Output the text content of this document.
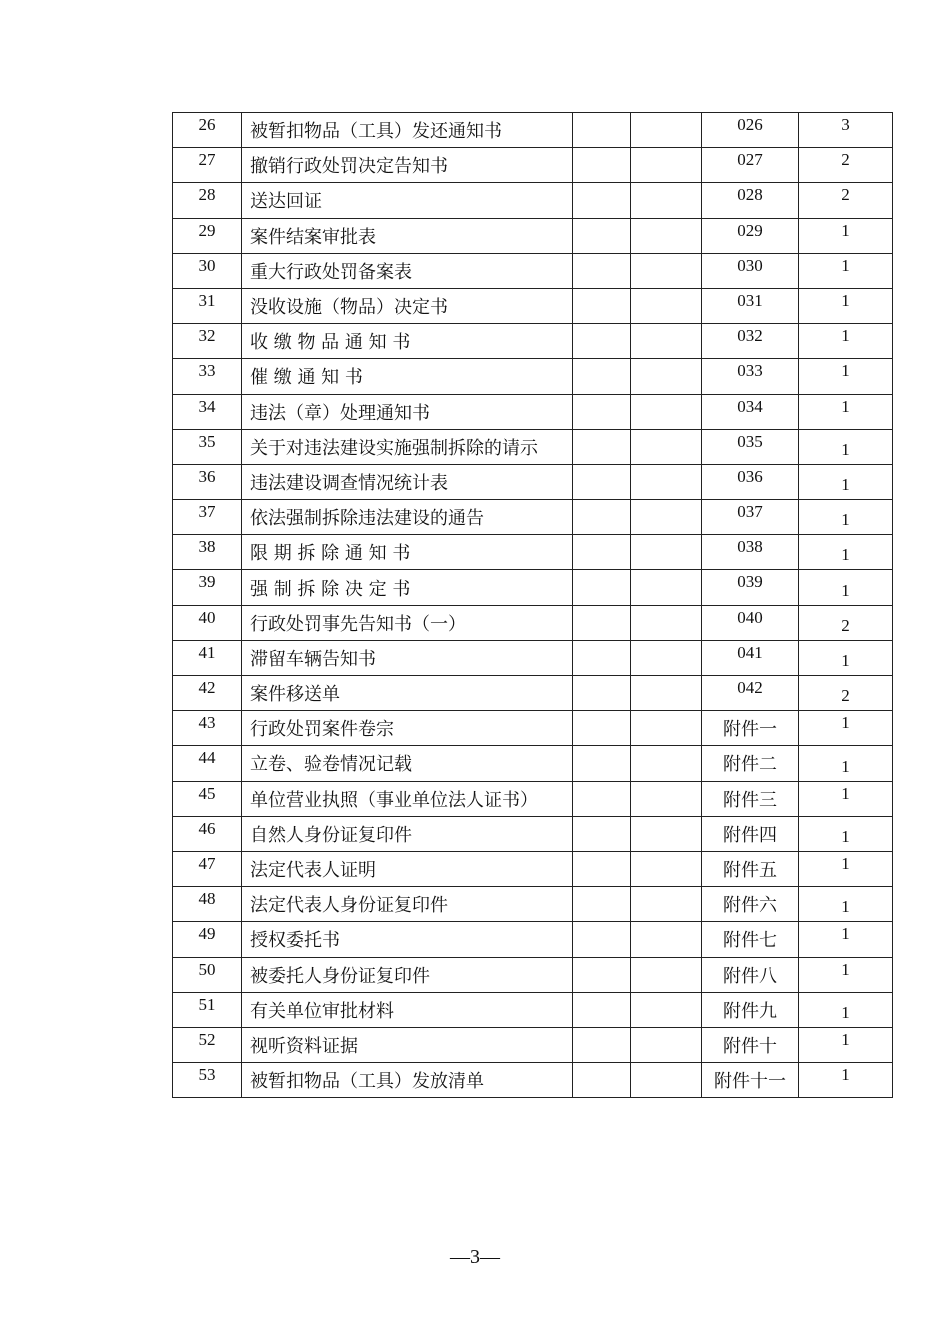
26	被暂扣物品（工具）发还通知书			026	3
27	撤销行政处罚决定告知书			027	2
28	送达回证			028	2
29	案件结案审批表			029	1
30	重大行政处罚备案表			030	1
31	没收设施（物品）决定书			031	1
32	收 缴 物 品 通 知 书			032	1
33	催 缴 通 知 书			033	1
34	违法（章）处理通知书			034	1
35	关于对违法建设实施强制拆除的请示			035	1
36	违法建设调查情况统计表			036	1
37	依法强制拆除违法建设的通告			037	1
38	限 期 拆 除 通 知 书			038	1
39	强 制 拆 除 决 定 书			039	1
40	行政处罚事先告知书（一）			040	2
41	滞留车辆告知书			041	1
42	案件移送单			042	2
43	行政处罚案件卷宗			附件一	1
44	立卷、验卷情况记载			附件二	1
45	单位营业执照（事业单位法人证书）			附件三	1
46	自然人身份证复印件			附件四	1
47	法定代表人证明			附件五	1
48	法定代表人身份证复印件			附件六	1
49	授权委托书			附件七	1
50	被委托人身份证复印件			附件八	1
51	有关单位审批材料			附件九	1
52	视听资料证据			附件十	1
53	被暂扣物品（工具）发放清单			附件十一	1
—3—
